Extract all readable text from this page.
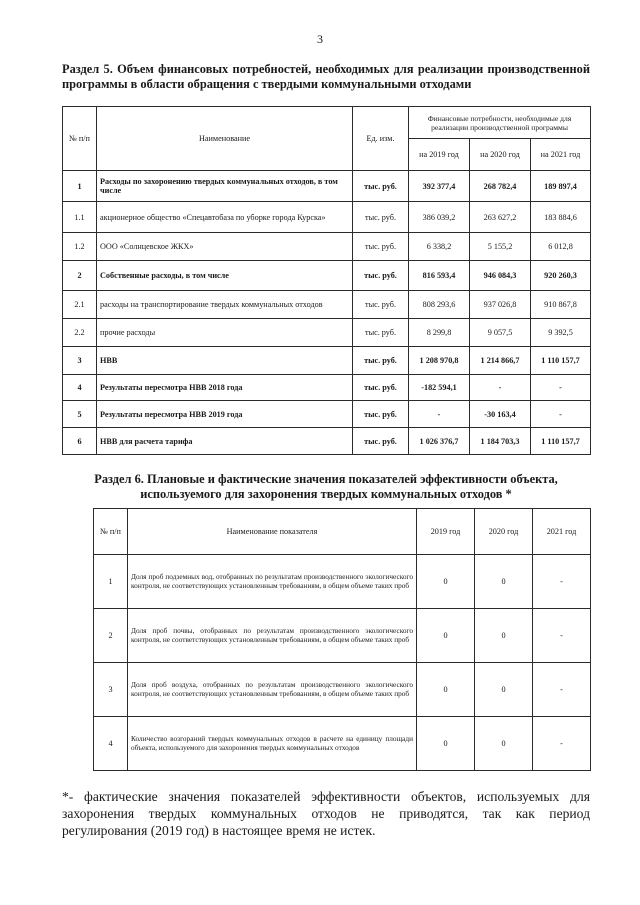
3
Раздел 5. Объем финансовых потребностей, необходимых для реализации производственной программы в области обращения с твердыми коммунальными отходами
№ п/п	Наименование	Ед. изм.	Финансовые потребности, необходимые для реализации производственной программы		
			на 2019 год	на 2020 год	на 2021 год
1	Расходы по захоронению твердых коммунальных отходов, в том числе	тыс. руб.	392 377,4	268 782,4	189 897,4
1.1	акционерное общество «Спецавтобаза по уборке города Курска»	тыс. руб.	386 039,2	263 627,2	183 884,6
1.2	ООО «Солнцевское ЖКХ»	тыс. руб.	6 338,2	5 155,2	6 012,8
2	Собственные расходы, в том числе	тыс. руб.	816 593,4	946 084,3	920 260,3
2.1	расходы на транспортирование твердых коммунальных отходов	тыс. руб.	808 293,6	937 026,8	910 867,8
2.2	прочие расходы	тыс. руб.	8 299,8	9 057,5	9 392,5
3	НВВ	тыс. руб.	1 208 970,8	1 214 866,7	1 110 157,7
4	Результаты пересмотра НВВ 2018 года	тыс. руб.	-182 594,1	-	-
5	Результаты пересмотра НВВ 2019 года	тыс. руб.	-	-30 163,4	-
6	НВВ для расчета тарифа	тыс. руб.	1 026 376,7	1 184 703,3	1 110 157,7
Раздел 6. Плановые и фактические значения показателей эффективности объекта, используемого для захоронения твердых коммунальных отходов *
№ п/п	Наименование показателя	2019 год	2020 год	2021 год
1	Доля проб подземных вод, отобранных по результатам производственного экологического контроля, не соответствующих установленным требованиям, в общем объеме таких проб	0	0	-
2	Доля проб почвы, отобранных по результатам производственного экологического контроля, не соответствующих установленным требованиям, в общем объеме таких проб	0	0	-
3	Доля проб воздуха, отобранных по результатам производственного экологического контроля, не соответствующих установленным требованиям, в общем объеме таких проб	0	0	-
4	Количество возгораний твердых коммунальных отходов в расчете на единицу площади объекта, используемого для захоронения твердых коммунальных отходов	0	0	-
*- фактические значения показателей эффективности объектов, используемых для захоронения твердых коммунальных отходов не приводятся, так как период регулирования (2019 год) в настоящее время не истек.
